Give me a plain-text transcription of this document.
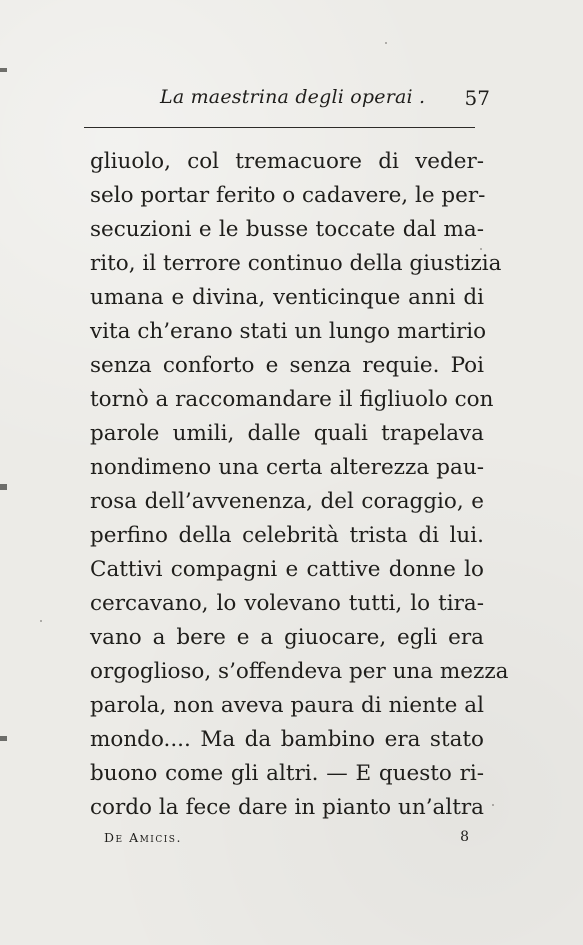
La maestrina degli operai . 57
gliuolo, col tremacuore di veder-
selo portar ferito o cadavere, le per-
secuzioni e le busse toccate dal ma-
rito, il terrore continuo della giustizia
umana e divina, venticinque anni di
vita ch’erano stati un lungo martirio
senza conforto e senza requie. Poi
tornò a raccomandare il figliuolo con
parole umili, dalle quali trapelava
nondimeno una certa alterezza pau-
rosa dell’avvenenza, del coraggio, e
perfino della celebrità trista di lui.
Cattivi compagni e cattive donne lo
cercavano, lo volevano tutti, lo tira-
vano a bere e a giuocare, egli era
orgoglioso, s’offendeva per una mezza
parola, non aveva paura di niente al
mondo.... Ma da bambino era stato
buono come gli altri. — E questo ri-
cordo la fece dare in pianto un’altra
De Amicis.	8
